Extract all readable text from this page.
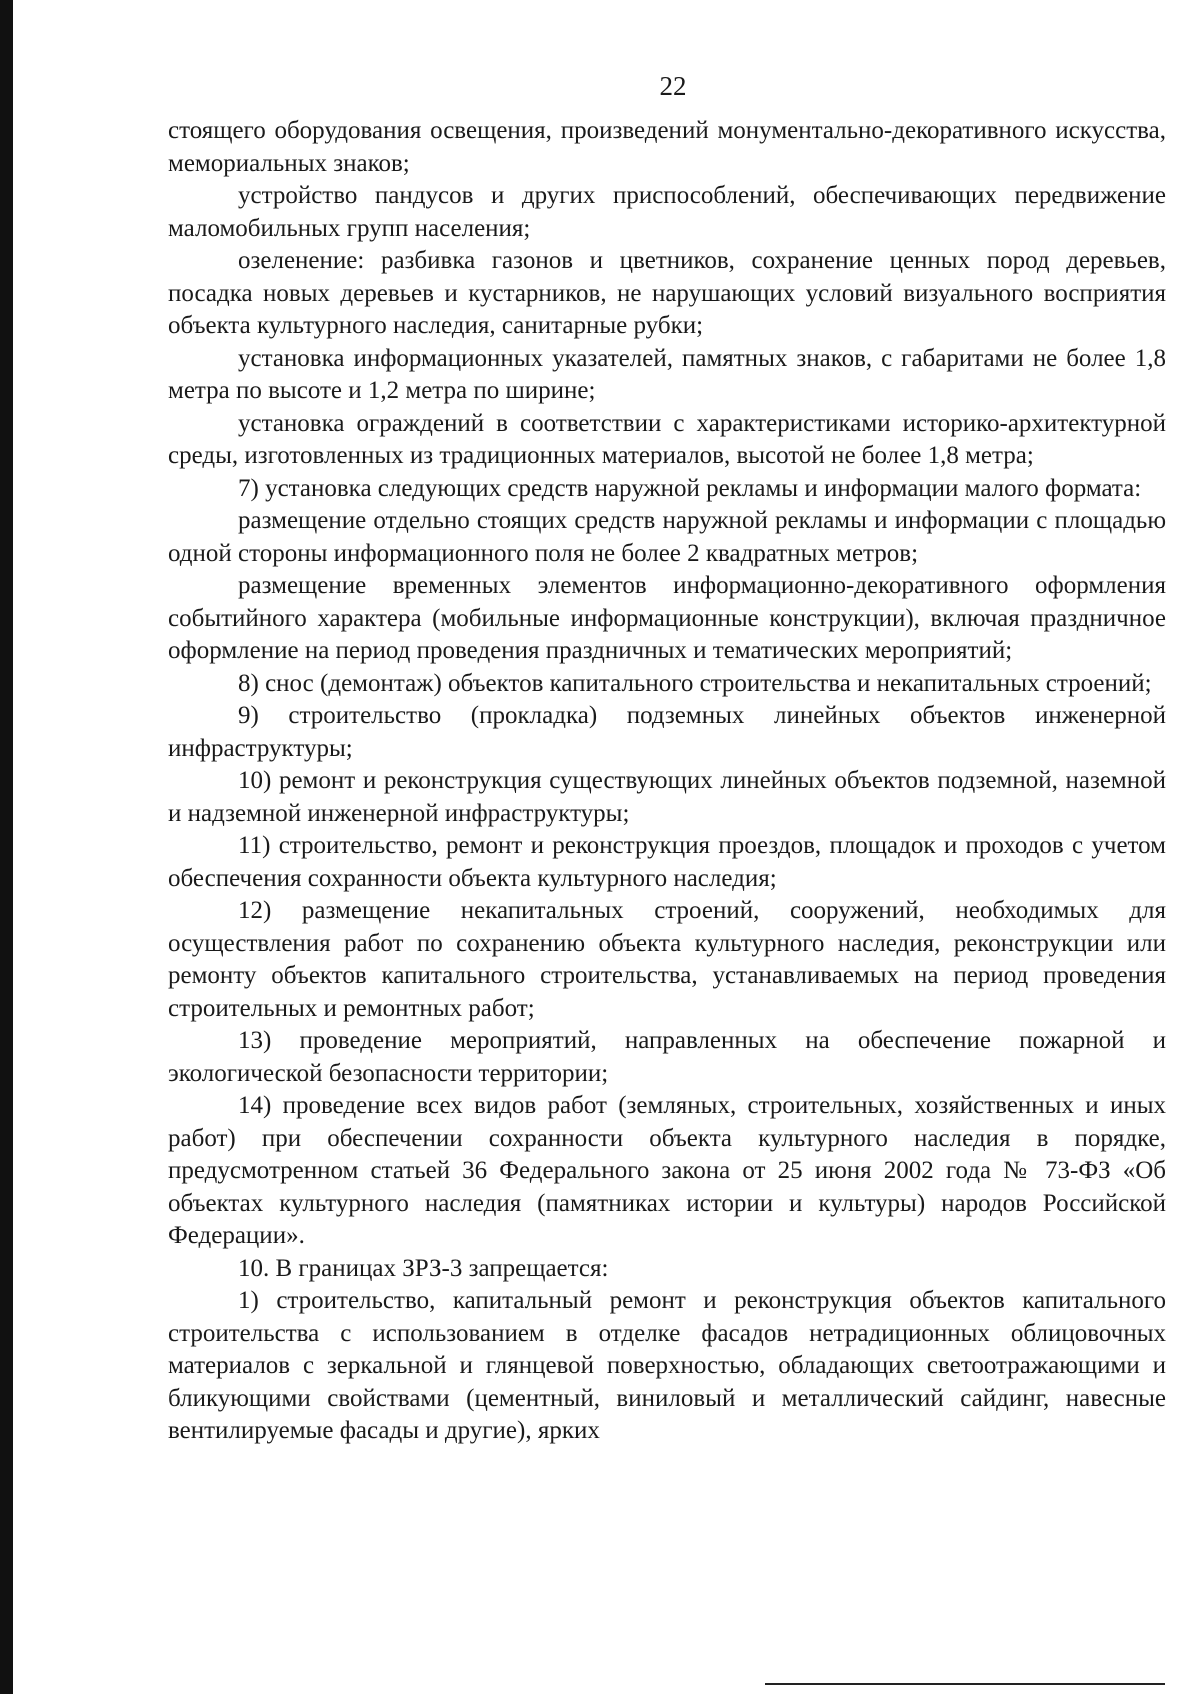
22

стоящего оборудования освещения, произведений монументально-декоративного искусства, мемориальных знаков;

устройство пандусов и других приспособлений, обеспечивающих передвижение маломобильных групп населения;

озеленение: разбивка газонов и цветников, сохранение ценных пород деревьев, посадка новых деревьев и кустарников, не нарушающих условий визуального восприятия объекта культурного наследия, санитарные рубки;

установка информационных указателей, памятных знаков, с габаритами не более 1,8 метра по высоте и 1,2 метра по ширине;

установка ограждений в соответствии с характеристиками историко-архитектурной среды, изготовленных из традиционных материалов, высотой не более 1,8 метра;

7) установка следующих средств наружной рекламы и информации малого формата:

размещение отдельно стоящих средств наружной рекламы и информации с площадью одной стороны информационного поля не более 2 квадратных метров;

размещение временных элементов информационно-декоративного оформления событийного характера (мобильные информационные конструкции), включая праздничное оформление на период проведения праздничных и тематических мероприятий;

8) снос (демонтаж) объектов капитального строительства и некапитальных строений;

9) строительство (прокладка) подземных линейных объектов инженерной инфраструктуры;

10) ремонт и реконструкция существующих линейных объектов подземной, наземной и надземной инженерной инфраструктуры;

11) строительство, ремонт и реконструкция проездов, площадок и проходов с учетом обеспечения сохранности объекта культурного наследия;

12) размещение некапитальных строений, сооружений, необходимых для осуществления работ по сохранению объекта культурного наследия, реконструкции или ремонту объектов капитального строительства, устанавливаемых на период проведения строительных и ремонтных работ;

13) проведение мероприятий, направленных на обеспечение пожарной и экологической безопасности территории;

14) проведение всех видов работ (земляных, строительных, хозяйственных и иных работ) при обеспечении сохранности объекта культурного наследия в порядке, предусмотренном статьей 36 Федерального закона от 25 июня 2002 года № 73-ФЗ «Об объектах культурного наследия (памятниках истории и культуры) народов Российской Федерации».

10. В границах ЗРЗ-3 запрещается:

1) строительство, капитальный ремонт и реконструкция объектов капитального строительства с использованием в отделке фасадов нетрадиционных облицовочных материалов с зеркальной и глянцевой поверхностью, обладающих светоотражающими и бликующими свойствами (цементный, виниловый и металлический сайдинг, навесные вентилируемые фасады и другие), ярких
